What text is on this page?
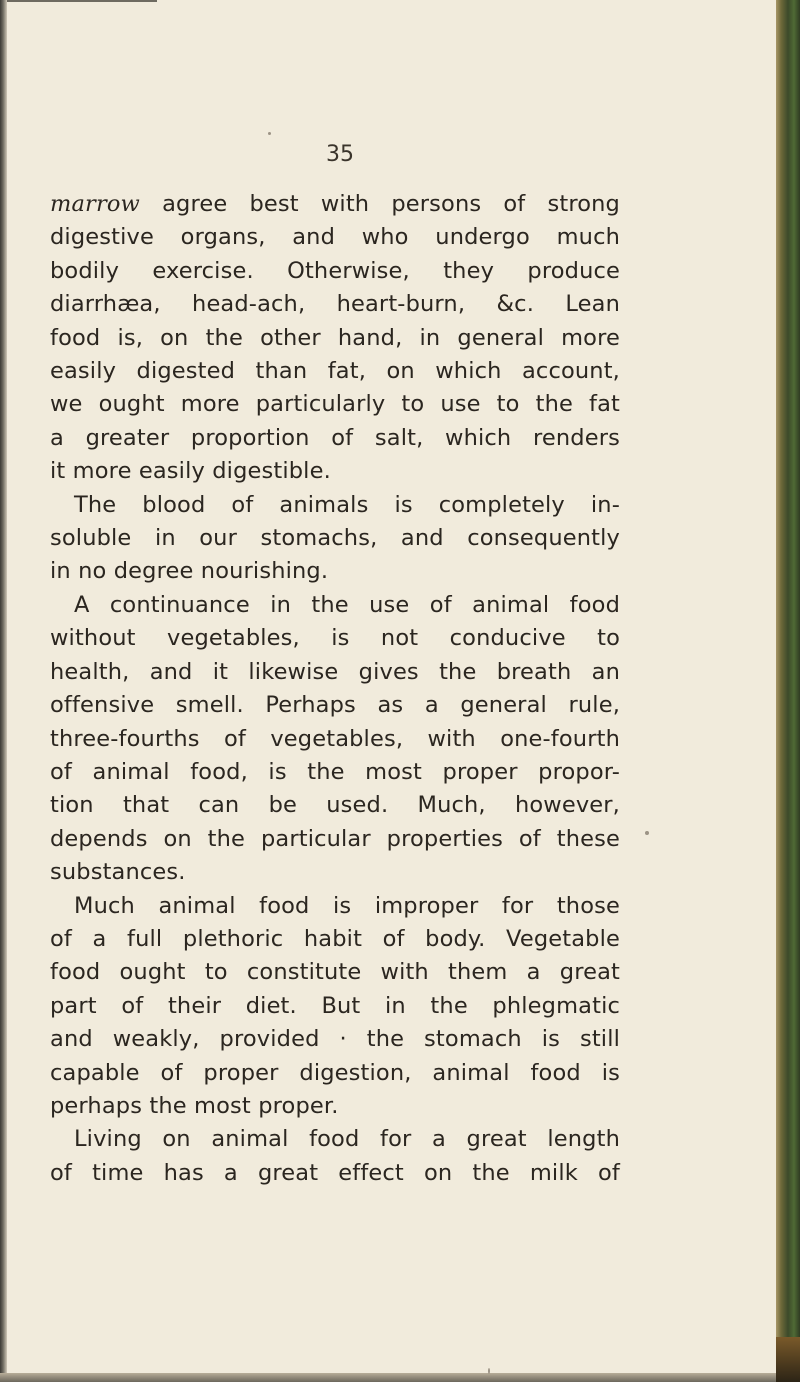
35

marrow agree best with persons of strong
digestive organs, and who undergo much
bodily exercise. Otherwise, they produce
diarrhæa, head-ach, heart-burn, &c. Lean
food is, on the other hand, in general more
easily digested than fat, on which account,
we ought more particularly to use to the fat
a greater proportion of salt, which renders
it more easily digestible.
The blood of animals is completely in-
soluble in our stomachs, and consequently
in no degree nourishing.
A continuance in the use of animal food
without vegetables, is not conducive to
health, and it likewise gives the breath an
offensive smell. Perhaps as a general rule,
three-fourths of vegetables, with one-fourth
of animal food, is the most proper propor-
tion that can be used. Much, however,
depends on the particular properties of these
substances.
Much animal food is improper for those
of a full plethoric habit of body. Vegetable
food ought to constitute with them a great
part of their diet. But in the phlegmatic
and weakly, provided · the stomach is still
capable of proper digestion, animal food is
perhaps the most proper.
Living on animal food for a great length
of time has a great effect on the milk of
